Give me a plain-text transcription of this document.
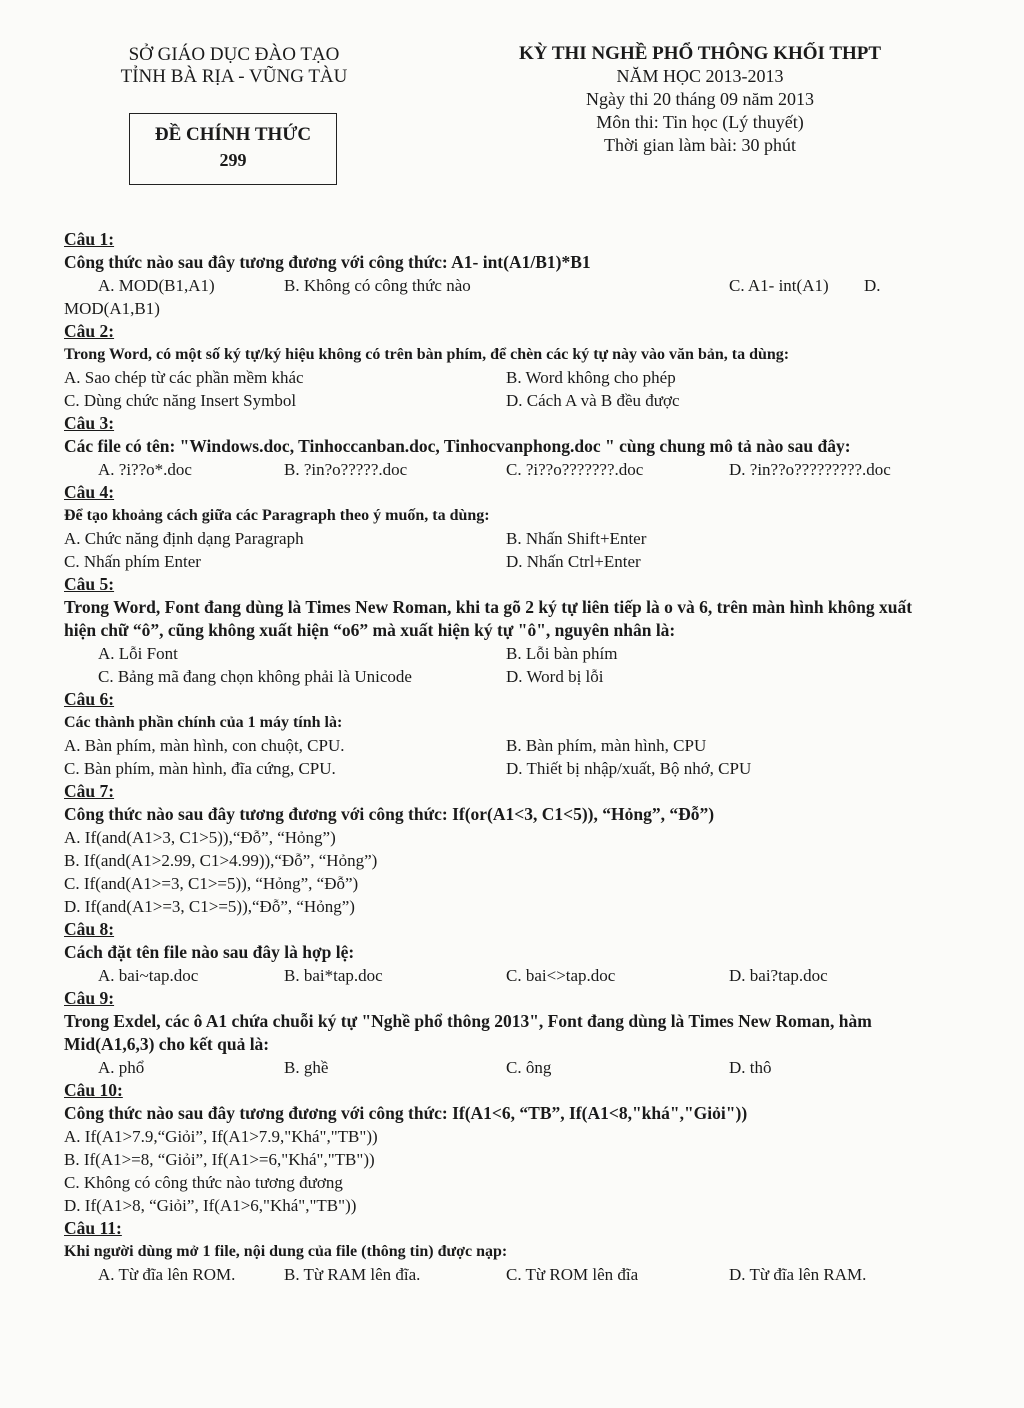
SỞ GIÁO DỤC ĐÀO TẠO
TỈNH BÀ RỊA - VŨNG TÀU
KỲ THI NGHỀ PHỔ THÔNG KHỐI THPT
NĂM HỌC 2013-2013
Ngày thi 20 tháng 09 năm 2013
Môn thi: Tin học (Lý thuyết)
Thời gian làm bài: 30 phút
ĐỀ CHÍNH THỨC
299
Câu 1:
Công thức nào sau đây tương đương với công thức: A1- int(A1/B1)*B1
A. MOD(B1,A1)	B. Không có công thức nào	C. A1- int(A1) D.
MOD(A1,B1)
Câu 2:
Trong Word, có một số ký tự/ký hiệu không có trên bàn phím, để chèn các ký tự này vào văn bản, ta dùng:
A. Sao chép từ các phần mềm khác	B. Word không cho phép
C. Dùng chức năng Insert Symbol	D. Cách A và B đều được
Câu 3:
Các file có tên: "Windows.doc, Tinhoccanban.doc, Tinhocvanphong.doc " cùng chung mô tả nào sau đây:
A. ?i??o*.doc	B. ?in?o?????.doc	C. ?i??o???????.doc	D. ?in??o?????????.doc
Câu 4:
Để tạo khoảng cách giữa các Paragraph theo ý muốn, ta dùng:
A. Chức năng định dạng Paragraph	B. Nhấn Shift+Enter
C. Nhấn phím Enter	D. Nhấn Ctrl+Enter
Câu 5:
Trong Word, Font đang dùng là Times New Roman, khi ta gõ 2 ký tự liên tiếp là o và 6, trên màn hình không xuất hiện chữ “ô”, cũng không xuất hiện “o6” mà xuất hiện ký tự "ô", nguyên nhân là:
A. Lỗi Font	B. Lỗi bàn phím
C. Bảng mã đang chọn không phải là Unicode	D. Word bị lỗi
Câu 6:
Các thành phần chính của 1 máy tính là:
A. Bàn phím, màn hình, con chuột, CPU.	B. Bàn phím, màn hình, CPU
C. Bàn phím, màn hình, đĩa cứng, CPU.	D. Thiết bị nhập/xuất, Bộ nhớ, CPU
Câu 7:
Công thức nào sau đây tương đương với công thức: If(or(A1<3, C1<5)), “Hỏng”, “Đỗ”)
A. If(and(A1>3, C1>5)),“Đỗ”, “Hỏng”)
B. If(and(A1>2.99, C1>4.99)),“Đỗ”, “Hỏng”)
C. If(and(A1>=3, C1>=5)), “Hỏng”, “Đỗ”)
D. If(and(A1>=3, C1>=5)),“Đỗ”, “Hỏng”)
Câu 8:
Cách đặt tên file nào sau đây là hợp lệ:
A. bai~tap.doc	B. bai*tap.doc	C. bai<>tap.doc	D. bai?tap.doc
Câu 9:
Trong Exdel, các ô A1 chứa chuỗi ký tự "Nghề phổ thông 2013", Font đang dùng là Times New Roman, hàm Mid(A1,6,3) cho kết quả là:
A. phổ	B. ghề	C. ông	D. thô
Câu 10:
Công thức nào sau đây tương đương với công thức: If(A1<6, “TB”, If(A1<8,"khá","Giỏi"))
A. If(A1>7.9,“Giỏi”, If(A1>7.9,"Khá","TB"))
B. If(A1>=8, “Giỏi”, If(A1>=6,"Khá","TB"))
C. Không có công thức nào tương đương
D. If(A1>8, “Giỏi”, If(A1>6,"Khá","TB"))
Câu 11:
Khi người dùng mở 1 file, nội dung của file (thông tin) được nạp:
A. Từ đĩa lên ROM.	B. Từ RAM lên đĩa.	C. Từ ROM lên đĩa	D. Từ đĩa lên RAM.
